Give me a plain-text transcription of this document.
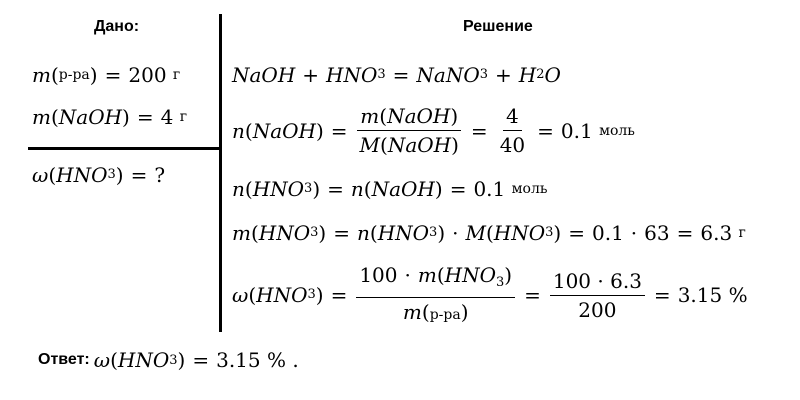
Дано:	Решение
m ( р-ра ) = 200
г
m ( NaOH ) = 4
г
ω ( HNO 3 ) = ?
NaOH + HNO 3 = NaNO 3 + H 2 O
n ( NaOH ) = $\frac{\text{m(NaOH)}}{\text{M(NaOH)}} = \frac{4}{40} = 0.1$
моль
n ( HNO 3 ) = n ( NaOH ) = 0.1
моль
m ( HNO 3 ) = n ( HNO 3 ) · M ( HNO 3 ) = 0.1 · 63 = 6.3
г
ω ( HNO 3 ) = $\frac{100 \cdot m(HNO_3)}{m(р-ра)} = \frac{100 \cdot 6.3}{200} = 3.15$ %
Ответ: ω ( HNO 3 ) = 3.15 %
.
